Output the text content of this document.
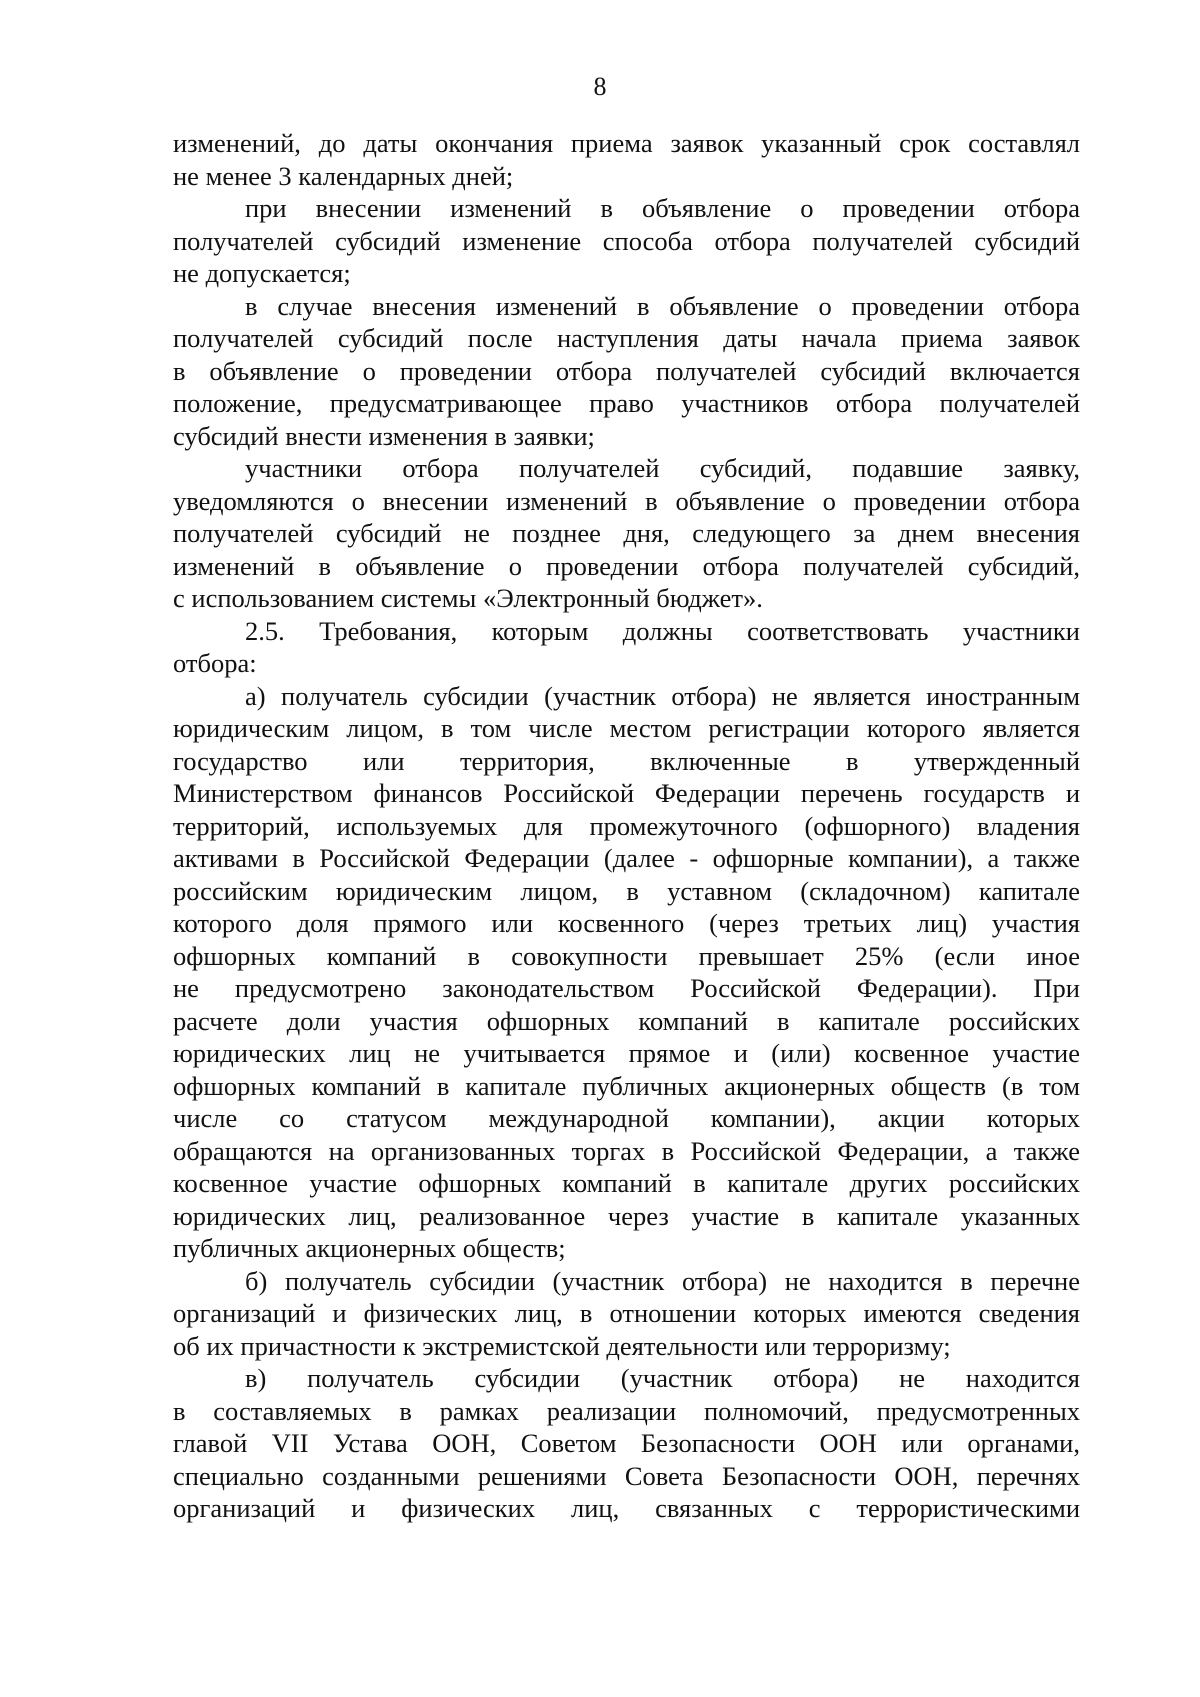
8
изменений, до даты окончания приема заявок указанный срок составлял
не менее 3 календарных дней;
при внесении изменений в объявление о проведении отбора
получателей субсидий изменение способа отбора получателей субсидий
не допускается;
в случае внесения изменений в объявление о проведении отбора
получателей субсидий после наступления даты начала приема заявок
в объявление о проведении отбора получателей субсидий включается
положение, предусматривающее право участников отбора получателей
субсидий внести изменения в заявки;
участники отбора получателей субсидий, подавшие заявку,
уведомляются о внесении изменений в объявление о проведении отбора
получателей субсидий не позднее дня, следующего за днем внесения
изменений в объявление о проведении отбора получателей субсидий,
с использованием системы «Электронный бюджет».
2.5. Требования, которым должны соответствовать участники
отбора:
а) получатель субсидии (участник отбора) не является иностранным
юридическим лицом, в том числе местом регистрации которого является
государство или территория, включенные в утвержденный
Министерством финансов Российской Федерации перечень государств и
территорий, используемых для промежуточного (офшорного) владения
активами в Российской Федерации (далее - офшорные компании), а также
российским юридическим лицом, в уставном (складочном) капитале
которого доля прямого или косвенного (через третьих лиц) участия
офшорных компаний в совокупности превышает 25% (если иное
не предусмотрено законодательством Российской Федерации). При
расчете доли участия офшорных компаний в капитале российских
юридических лиц не учитывается прямое и (или) косвенное участие
офшорных компаний в капитале публичных акционерных обществ (в том
числе со статусом международной компании), акции которых
обращаются на организованных торгах в Российской Федерации, а также
косвенное участие офшорных компаний в капитале других российских
юридических лиц, реализованное через участие в капитале указанных
публичных акционерных обществ;
б) получатель субсидии (участник отбора) не находится в перечне
организаций и физических лиц, в отношении которых имеются сведения
об их причастности к экстремистской деятельности или терроризму;
в) получатель субсидии (участник отбора) не находится
в составляемых в рамках реализации полномочий, предусмотренных
главой VII Устава ООН, Советом Безопасности ООН или органами,
специально созданными решениями Совета Безопасности ООН, перечнях
организаций и физических лиц, связанных с террористическими
